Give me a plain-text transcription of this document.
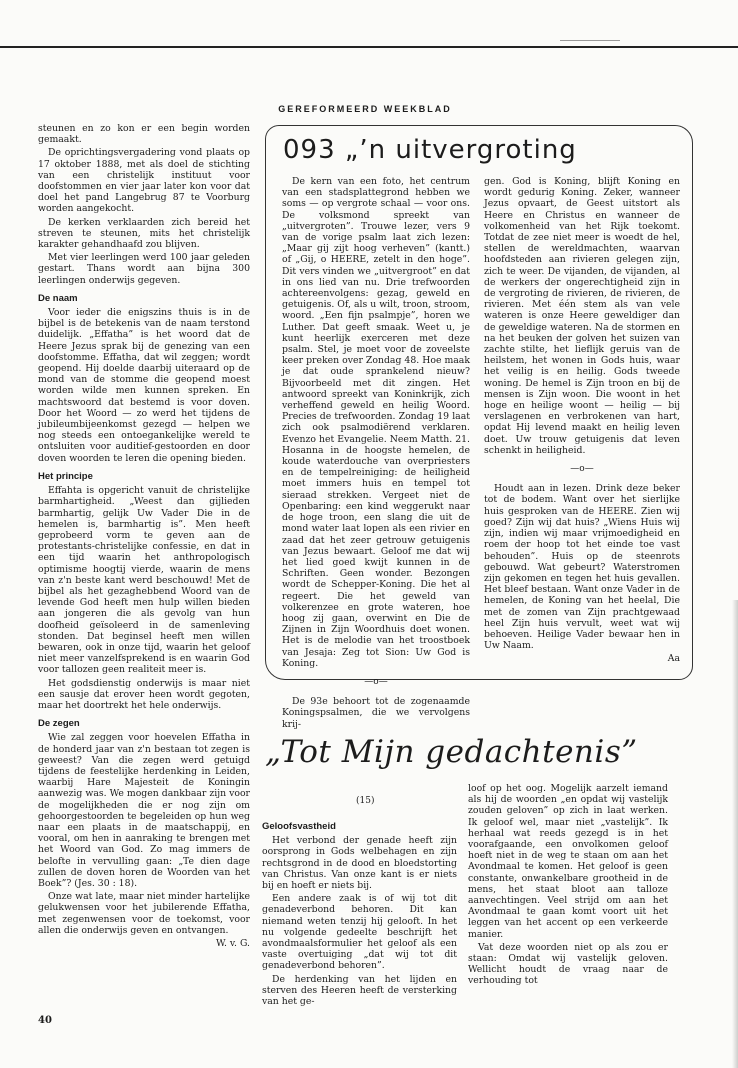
GEREFORMEERD WEEKBLAD

steunen en zo kon er een begin worden gemaakt.

De oprichtingsvergadering vond plaats op 17 oktober 1888, met als doel de stichting van een christelijk instituut voor doofstommen en vier jaar later kon voor dat doel het pand Langebrug 87 te Voorburg worden aangekocht.

De kerken verklaarden zich bereid het streven te steunen, mits het christelijk karakter gehandhaafd zou blijven.

Met vier leerlingen werd 100 jaar geleden gestart. Thans wordt aan bijna 300 leerlingen onderwijs gegeven.

De naam

Voor ieder die enigszins thuis is in de bijbel is de betekenis van de naam terstond duidelijk. „Effatha” is het woord dat de Heere Jezus sprak bij de genezing van een doofstomme. Effatha, dat wil zeggen; wordt geopend. Hij doelde daarbij uiteraard op de mond van de stomme die geopend moest worden wilde men kunnen spreken. En machtswoord dat bestemd is voor doven. Door het Woord — zo werd het tijdens de jubileumbijeenkomst gezegd — helpen we nog steeds een ontoegankelijke wereld te ontsluiten voor auditief-gestoorden en door doven woorden te leren die opening bieden.

Het principe

Effahta is opgericht vanuit de christelijke barmhartigheid. „Weest dan gijlieden barmhartig, gelijk Uw Vader Die in de hemelen is, barmhartig is”. Men heeft geprobeerd vorm te geven aan de protestants-christelijke confessie, en dat in een tijd waarin het anthropologisch optimisme hoogtij vierde, waarin de mens van z'n beste kant werd beschouwd! Met de bijbel als het gezaghebbend Woord van de levende God heeft men hulp willen bieden aan jongeren die als gevolg van hun doofheid geïsoleerd in de samenleving stonden. Dat beginsel heeft men willen bewaren, ook in onze tijd, waarin het geloof niet meer vanzelfsprekend is en waarin God voor tallozen geen realiteit meer is.

Het godsdienstig onderwijs is maar niet een sausje dat erover heen wordt gegoten, maar het doortrekt het hele onderwijs.

De zegen

Wie zal zeggen voor hoevelen Effatha in de honderd jaar van z'n bestaan tot zegen is geweest? Van die zegen werd getuigd tijdens de feestelijke herdenking in Leiden, waarbij Hare Majesteit de Koningin aanwezig was. We mogen dankbaar zijn voor de mogelijkheden die er nog zijn om gehoorgestoorden te begeleiden op hun weg naar een plaats in de maatschappij, en vooral, om hen in aanraking te brengen met het Woord van God. Zo mag immers de belofte in vervulling gaan: „Te dien dage zullen de doven horen de Woorden van het Boek”? (Jes. 30 : 18).

Onze wat late, maar niet minder hartelijke gelukwensen voor het jubilerende Effatha, met zegenwensen voor de toekomst, voor allen die onderwijs geven en ontvangen.

W. v. G.

093 „’n uitvergroting

De kern van een foto, het centrum van een stadsplattegrond hebben we soms — op vergrote schaal — voor ons. De volksmond spreekt van „uitvergroten”. Trouwe lezer, vers 9 van de vorige psalm laat zich lezen: „Maar gij zijt hoog verheven” (kantt.) of „Gij, o HEERE, zetelt in den hoge”. Dit vers vinden we „uitvergroot” en dat in ons lied van nu. Drie trefwoorden achtereenvolgens: gezag, geweld en getuigenis. Of, als u wilt, troon, stroom, woord. „Een fijn psalmpje”, horen we Luther. Dat geeft smaak. Weet u, je kunt heerlijk exerceren met deze psalm. Stel, je moet voor de zoveelste keer preken over Zondag 48. Hoe maak je dat oude sprankelend nieuw? Bijvoorbeeld met dit zingen. Het antwoord spreekt van Koninkrijk, zich verheffend geweld en heilig Woord. Precies de trefwoorden. Zondag 19 laat zich ook psalmodiërend verklaren. Evenzo het Evangelie. Neem Matth. 21. Hosanna in de hoogste hemelen, de koude waterdouche van overpriesters en de tempelreiniging: de heiligheid moet immers huis en tempel tot sieraad strekken. Vergeet niet de Openbaring: een kind weggerukt naar de hoge troon, een slang die uit de mond water laat lopen als een rivier en zaad dat het zeer getrouw getuigenis van Jezus bewaart. Geloof me dat wij het lied goed kwijt kunnen in de Schriften. Geen wonder. Bezongen wordt de Schepper-Koning. Die het al regeert. Die het geweld van volkerenzee en grote wateren, hoe hoog zij gaan, overwint en Die de Zijnen in Zijn Woordhuis doet wonen. Het is de melodie van het troostboek van Jesaja: Zeg tot Sion: Uw God is Koning.

—o—

De 93e behoort tot de zogenaamde Koningspsalmen, die we vervolgens krij-

gen. God is Koning, blijft Koning en wordt gedurig Koning. Zeker, wanneer Jezus opvaart, de Geest uitstort als Heere en Christus en wanneer de volkomenheid van het Rijk toekomt. Totdat de zee niet meer is woedt de hel, stellen de wereldmachten, waarvan hoofdsteden aan rivieren gelegen zijn, zich te weer. De vijanden, de vijanden, al de werkers der ongerechtigheid zijn in de vergroting de rivieren, de rivieren, de rivieren. Met één stem als van vele wateren is onze Heere geweldiger dan de geweldige wateren. Na de stormen en na het beuken der golven het suizen van zachte stilte, het lieflijk geruis van de heilstem, het wonen in Gods huis, waar het veilig is en heilig. Gods tweede woning. De hemel is Zijn troon en bij de mensen is Zijn woon. Die woont in het hoge en heilige woont — heilig — bij verslagenen en verbrokenen van hart, opdat Hij levend maakt en heilig leven doet. Uw trouw getuigenis dat leven schenkt in heiligheid.

—o—

Houdt aan in lezen. Drink deze beker tot de bodem. Want over het sierlijke huis gesproken van de HEERE. Zien wij goed? Zijn wij dat huis? „Wiens Huis wij zijn, indien wij maar vrijmoedigheid en roem der hoop tot het einde toe vast behouden”. Huis op de steenrots gebouwd. Wat gebeurt? Waterstromen zijn gekomen en tegen het huis gevallen. Het bleef bestaan. Want onze Vader in de hemelen, de Koning van het heelal, Die met de zomen van Zijn prachtgewaad heel Zijn huis vervult, weet wat wij behoeven. Heilige Vader bewaar hen in Uw Naam.

Aa

„Tot Mijn gedachtenis”
(15)
Geloofsvastheid

Het verbond der genade heeft zijn oorsprong in Gods welbehagen en zijn rechtsgrond in de dood en bloedstorting van Christus. Van onze kant is er niets bij en hoeft er niets bij.

Een andere zaak is of wij tot dit genadeverbond behoren. Dit kan niemand weten tenzij hij gelooft. In het nu volgende gedeelte beschrijft het avondmaalsformulier het geloof als een vaste overtuiging „dat wij tot dit genadeverbond behoren”.

De herdenking van het lijden en sterven des Heeren heeft de versterking van het ge-

loof op het oog. Mogelijk aarzelt iemand als hij de woorden „en opdat wij vastelijk zouden geloven” op zich in laat werken. Ik geloof wel, maar niet „vastelijk”. Ik herhaal wat reeds gezegd is in het voorafgaande, een onvolkomen geloof hoeft niet in de weg te staan om aan het Avondmaal te komen. Het geloof is geen constante, onwankelbare grootheid in de mens, het staat bloot aan talloze aanvechtingen. Veel strijd om aan het Avondmaal te gaan komt voort uit het leggen van het accent op een verkeerde manier.

Vat deze woorden niet op als zou er staan: Omdat wij vastelijk geloven. Wellicht houdt de vraag naar de verhouding tot

40
